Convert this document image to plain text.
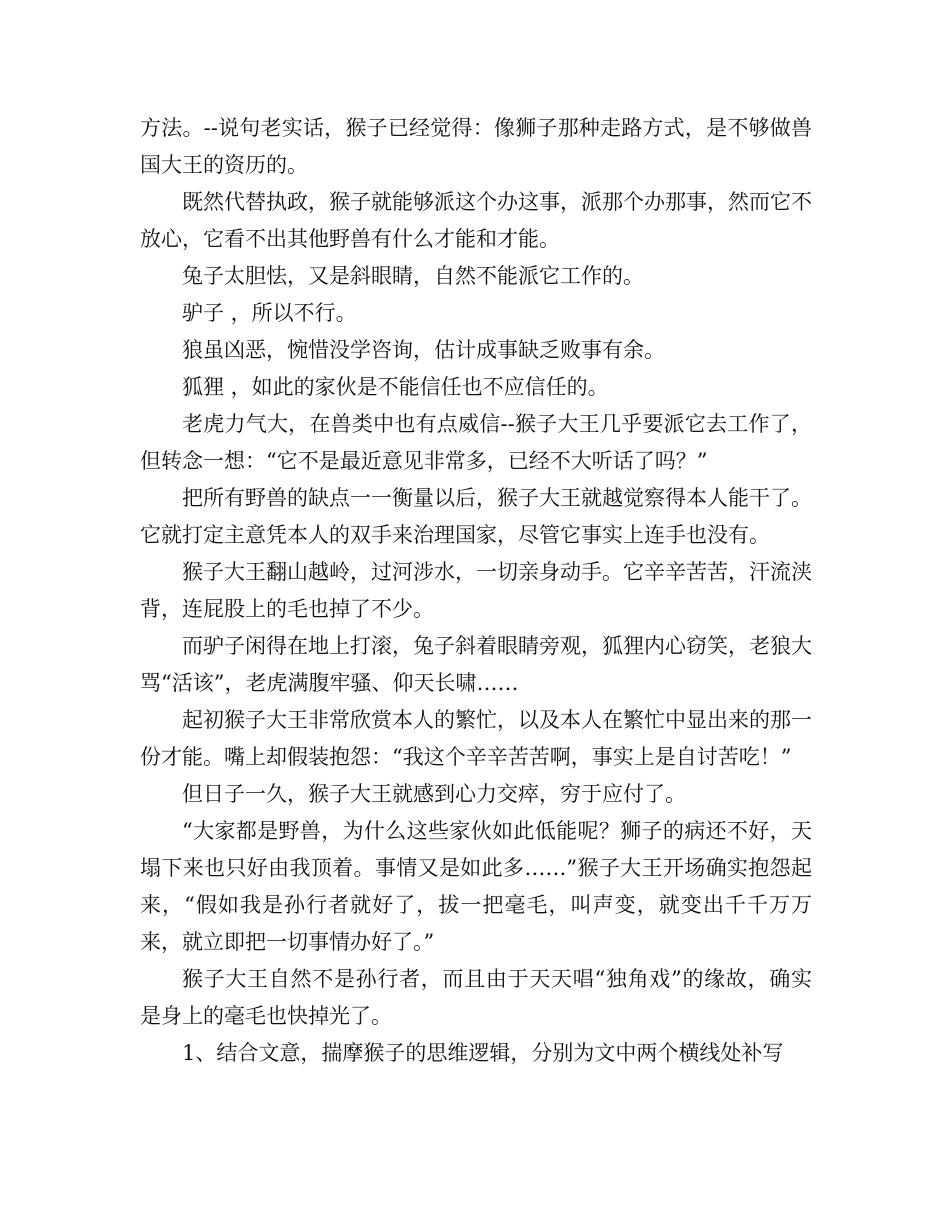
方法。--说句老实话，猴子已经觉得：像狮子那种走路方式，是不够做兽国大王的资历的。

既然代替执政，猴子就能够派这个办这事，派那个办那事，然而它不放心，它看不出其他野兽有什么才能和才能。

兔子太胆怯，又是斜眼睛，自然不能派它工作的。

驴子 ，所以不行。

狼虽凶恶，惋惜没学咨询，估计成事缺乏败事有余。

狐狸 ，如此的家伙是不能信任也不应信任的。

老虎力气大，在兽类中也有点威信--猴子大王几乎要派它去工作了，但转念一想：“它不是最近意见非常多，已经不大听话了吗？”

把所有野兽的缺点一一衡量以后，猴子大王就越觉察得本人能干了。它就打定主意凭本人的双手来治理国家，尽管它事实上连手也没有。

猴子大王翻山越岭，过河涉水，一切亲身动手。它辛辛苦苦，汗流浃背，连屁股上的毛也掉了不少。

而驴子闲得在地上打滚，兔子斜着眼睛旁观，狐狸内心窃笑，老狼大骂“活该”，老虎满腹牢骚、仰天长啸……

起初猴子大王非常欣赏本人的繁忙，以及本人在繁忙中显出来的那一份才能。嘴上却假装抱怨：“我这个辛辛苦苦啊，事实上是自讨苦吃！”

但日子一久，猴子大王就感到心力交瘁，穷于应付了。

“大家都是野兽，为什么这些家伙如此低能呢？狮子的病还不好，天塌下来也只好由我顶着。事情又是如此多……”猴子大王开场确实抱怨起来，“假如我是孙行者就好了，拔一把毫毛，叫声变，就变出千千万万来，就立即把一切事情办好了。”

猴子大王自然不是孙行者，而且由于天天唱“独角戏”的缘故，确实是身上的毫毛也快掉光了。

1、结合文意，揣摩猴子的思维逻辑，分别为文中两个横线处补写
